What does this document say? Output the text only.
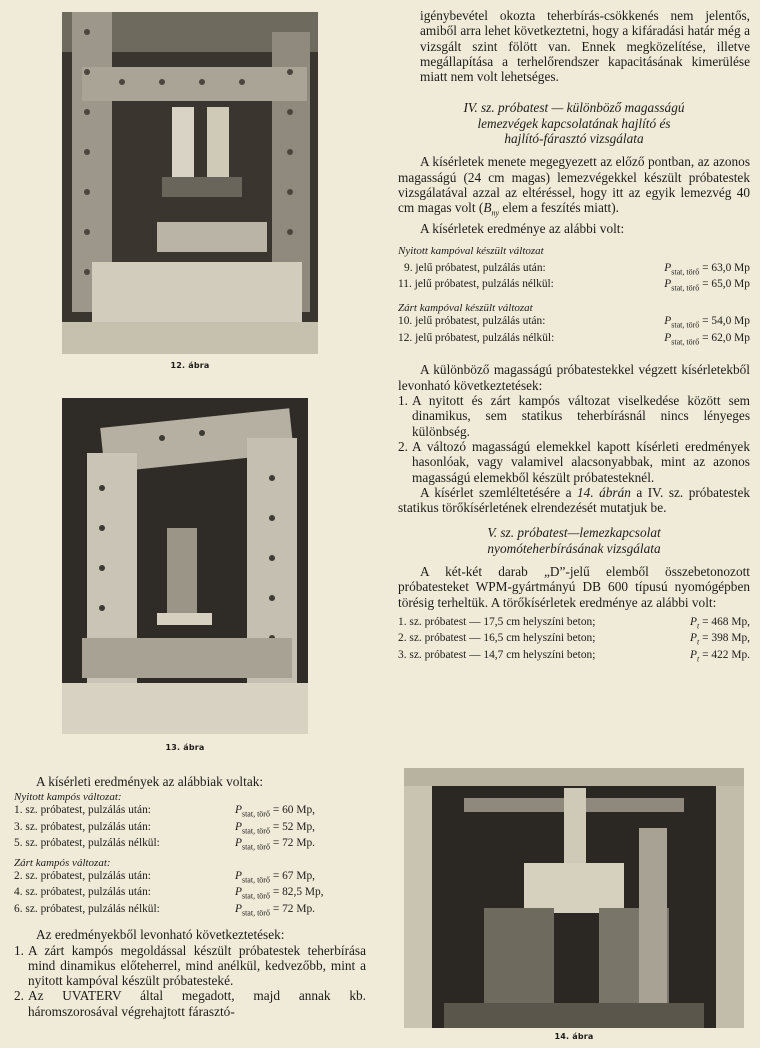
12. ábra
13. ábra

A kísérleti eredmények az alábbiak voltak:

Nyitott kampós változat:

1. sz. próbatest, pulzálás után:	$P_{stat, törő} = 60$ Mp,
3. sz. próbatest, pulzálás után:	$P_{stat, törő} = 52$ Mp,
5. sz. próbatest, pulzálás nélkül:	$P_{stat, törő} = 72$ Mp.

Zárt kampós változat:

2. sz. próbatest, pulzálás után:	$P_{stat, törő} = 67$ Mp,
4. sz. próbatest, pulzálás után:	$P_{stat, törő} = 82,5$ Mp,
6. sz. próbatest, pulzálás nélkül:	$P_{stat, törő} = 72$ Mp.

Az eredményekből levonható következtetések:

1. A zárt kampós megoldással készült próbatestek teherbírása mind dinamikus előteherrel, mind anélkül, kedvezőbb, mint a nyitott kampóval készült próbatesteké.
2. Az UVATERV által megadott, majd annak kb. háromszorosával végrehajtott fárasztó-

igénybevétel okozta teherbírás-csökkenés nem jelentős, amiből arra lehet következtetni, hogy a kifáradási határ még a vizsgált szint fölött van. Ennek megközelítése, illetve megállapítása a terhelőrendszer kapacitásának kimerülése miatt nem volt lehetséges.

IV. sz. próbatest — különböző magasságú

lemezvégek kapcsolatának hajlító és

hajlító-fárasztó vizsgálata

A kísérletek menete megegyezett az előző pontban, az azonos magasságú (24 cm magas) lemezvégekkel készült próbatestek vizsgálatával azzal az eltéréssel, hogy itt az egyik lemezvég 40 cm magas volt ($B_{ny}$ elem a feszítés miatt).

A kísérletek eredménye az alábbi volt:

Nyitott kampóval készült változat

9. jelű próbatest, pulzálás után:	$P_{stat, törő} = 63,0$ Mp
11. jelű próbatest, pulzálás nélkül:	$P_{stat, törő} = 65,0$ Mp

Zárt kampóval készült változat

10. jelű próbatest, pulzálás után:	$P_{stat, törő} = 54,0$ Mp
12. jelű próbatest, pulzálás nélkül:	$P_{stat, törő} = 62,0$ Mp

A különböző magasságú próbatestekkel végzett kísérletekből levonható következtetések:

1. A nyitott és zárt kampós változat viselkedése között sem dinamikus, sem statikus teherbírásnál nincs lényeges különbség.
2. A változó magasságú elemekkel kapott kísérleti eredmények hasonlóak, vagy valamivel alacsonyabbak, mint az azonos magasságú elemekből készült próbatesteknél.

A kísérlet szemléltetésére a 14. ábrán a IV. sz. próbatestek statikus törőkísérletének elrendezését mutatjuk be.

V. sz. próbatest—lemezkapcsolat

nyomóteherbírásának vizsgálata

A két-két darab „D”-jelű elemből összebetonozott próbatesteket WPM-gyártmányú DB 600 típusú nyomógépben törésig terheltük. A törőkísérletek eredménye az alábbi volt:

1. sz. próbatest — 17,5 cm helyszíni beton;	$P_t = 468$ Mp,
2. sz. próbatest — 16,5 cm helyszíni beton;	$P_t = 398$ Mp,
3. sz. próbatest — 14,7 cm helyszíni beton;	$P_t = 422$ Mp.
14. ábra
